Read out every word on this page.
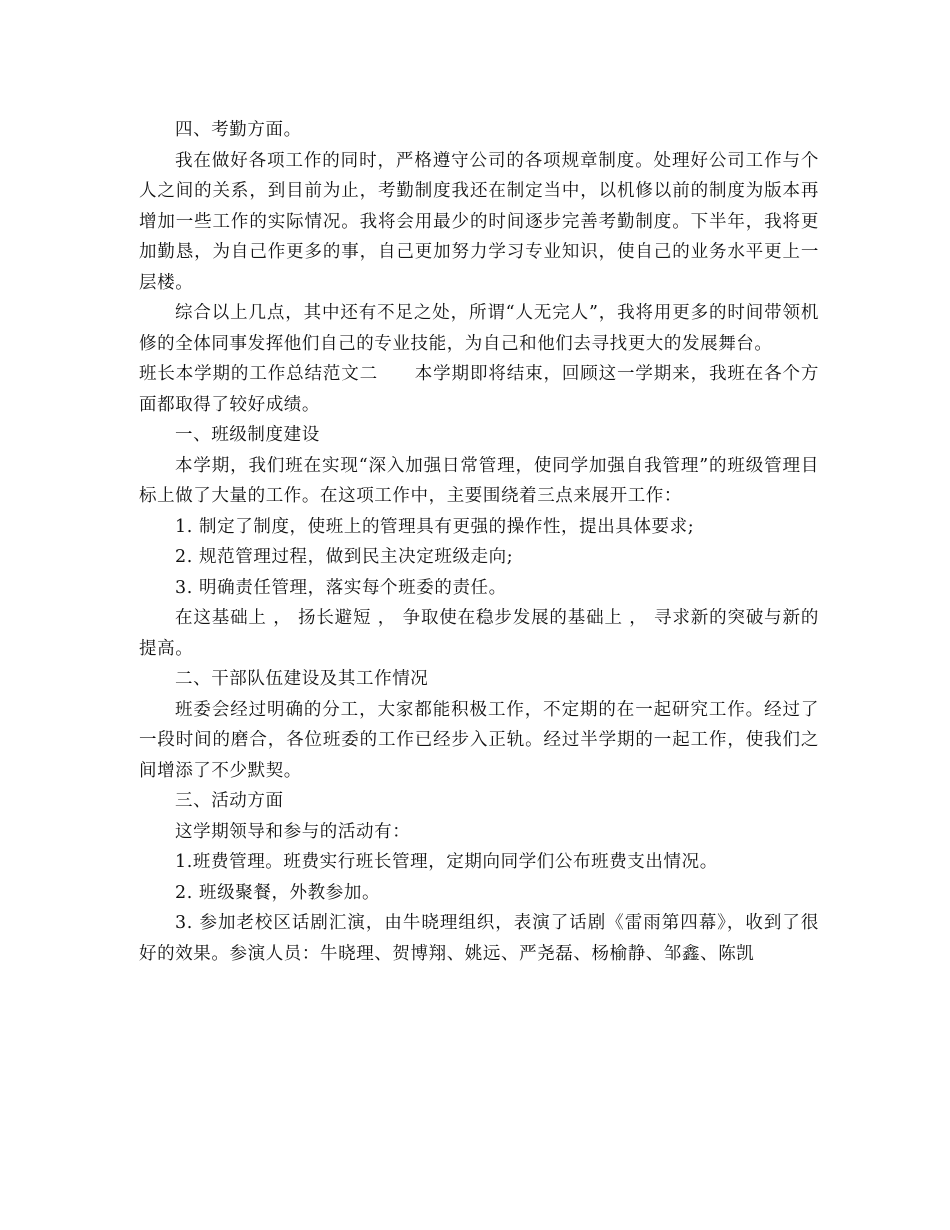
四、考勤方面。

我在做好各项工作的同时，严格遵守公司的各项规章制度。处理好公司工作与个人之间的关系，到目前为止，考勤制度我还在制定当中，以机修以前的制度为版本再增加一些工作的实际情况。我将会用最少的时间逐步完善考勤制度。下半年，我将更加勤恳，为自己作更多的事，自己更加努力学习专业知识，使自己的业务水平更上一层楼。

综合以上几点，其中还有不足之处，所谓“人无完人”，我将用更多的时间带领机修的全体同事发挥他们自己的专业技能，为自己和他们去寻找更大的发展舞台。

班长本学期的工作总结范文二　　本学期即将结束，回顾这一学期来，我班在各个方面都取得了较好成绩。

一、班级制度建设

本学期，我们班在实现“深入加强日常管理，使同学加强自我管理”的班级管理目标上做了大量的工作。在这项工作中，主要围绕着三点来展开工作：

1. 制定了制度，使班上的管理具有更强的操作性，提出具体要求;

2. 规范管理过程，做到民主决定班级走向;

3. 明确责任管理，落实每个班委的责任。

在这基础上 ， 扬长避短 ， 争取使在稳步发展的基础上 ， 寻求新的突破与新的提高。

二、干部队伍建设及其工作情况

班委会经过明确的分工，大家都能积极工作，不定期的在一起研究工作。经过了一段时间的磨合，各位班委的工作已经步入正轨。经过半学期的一起工作，使我们之间增添了不少默契。

三、活动方面

这学期领导和参与的活动有：

1.班费管理。班费实行班长管理，定期向同学们公布班费支出情况。

2. 班级聚餐，外教参加。

3. 参加老校区话剧汇演，由牛晓理组织，表演了话剧《雷雨第四幕》，收到了很好的效果。参演人员：牛晓理、贺博翔、姚远、严尧磊、杨榆静、邹鑫、陈凯
